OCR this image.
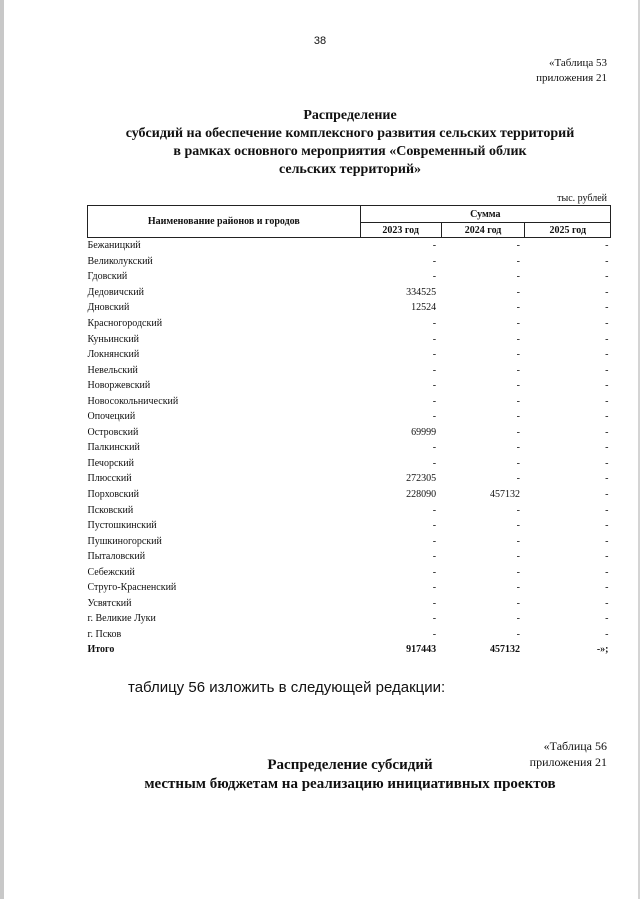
38
«Таблица 53
приложения 21
Распределение
субсидий на обеспечение комплексного развития сельских территорий
в рамках основного мероприятия «Современный облик
сельских территорий»
тыс. рублей
Наименование районов и городов	Сумма		
	2023 год	2024 год	2025 год
Бежаницкий	-	-	-
Великолукский	-	-	-
Гдовский	-	-	-
Дедовичский	334525	-	-
Дновский	12524	-	-
Красногородский	-	-	-
Куньинский	-	-	-
Локнянский	-	-	-
Невельский	-	-	-
Новоржевский	-	-	-
Новосокольнический	-	-	-
Опочецкий	-	-	-
Островский	69999	-	-
Палкинский	-	-	-
Печорский	-	-	-
Плюсский	272305	-	-
Порховский	228090	457132	-
Псковский	-	-	-
Пустошкинский	-	-	-
Пушкиногорский	-	-	-
Пыталовский	-	-	-
Себежский	-	-	-
Струго-Красненский	-	-	-
Усвятский	-	-	-
г. Великие Луки	-	-	-
г. Псков	-	-	-
Итого	917443	457132	-»;
таблицу 56 изложить в следующей редакции:
«Таблица 56
приложения 21
Распределение субсидий
местным бюджетам на реализацию инициативных проектов
